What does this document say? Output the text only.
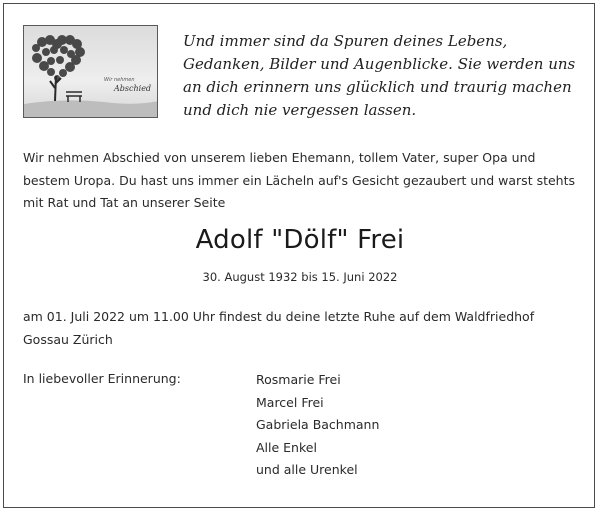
Wir nehmen
Abschied
Und immer sind da Spuren deines Lebens, Gedanken, Bilder und Augenblicke. Sie werden uns an dich erinnern uns glücklich und traurig machen und dich nie vergessen lassen.
Wir nehmen Abschied von unserem lieben Ehemann, tollem Vater, super Opa und bestem Uropa. Du hast uns immer ein Lächeln auf's Gesicht gezaubert und warst stehts mit Rat und Tat an unserer Seite
Adolf "Dölf" Frei
30. August 1932 bis 15. Juni 2022
am 01. Juli 2022 um 11.00 Uhr findest du deine letzte Ruhe auf dem Waldfriedhof Gossau Zürich
In liebevoller Erinnerung:	Rosmarie Frei
Marcel Frei
Gabriela Bachmann
Alle Enkel
und alle Urenkel
